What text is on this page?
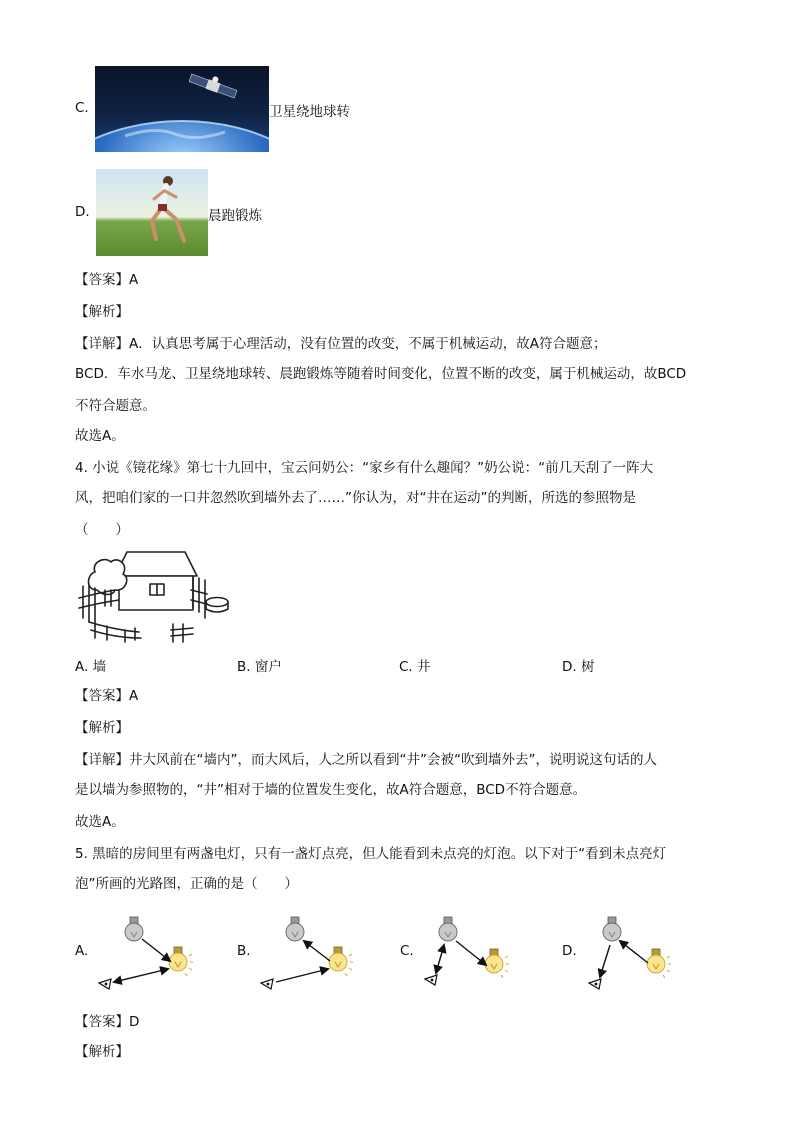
C.	卫星绕地球转
D.	晨跑锻炼
【答案】A
【解析】
【详解】A．认真思考属于心理活动，没有位置的改变，不属于机械运动，故A符合题意；
BCD．车水马龙、卫星绕地球转、晨跑锻炼等随着时间变化，位置不断的改变，属于机械运动，故BCD
不符合题意。
故选A。
4. 小说《镜花缘》第七十九回中，宝云问奶公：“家乡有什么趣闻？”奶公说：“前几天刮了一阵大
风，把咱们家的一口井忽然吹到墙外去了……”你认为，对“井在运动”的判断，所选的参照物是
（　　）
A. 墙	B. 窗户	C. 井	D. 树
【答案】A
【解析】
【详解】井大风前在“墙内”，而大风后，人之所以看到“井”会被“吹到墙外去”，说明说这句话的人
是以墙为参照物的，“井”相对于墙的位置发生变化，故A符合题意，BCD不符合题意。
故选A。
5. 黑暗的房间里有两盏电灯，只有一盏灯点亮，但人能看到未点亮的灯泡。以下对于“看到未点亮灯
泡”所画的光路图，正确的是（　　）
A.	B.	C.	D.
【答案】D
【解析】
